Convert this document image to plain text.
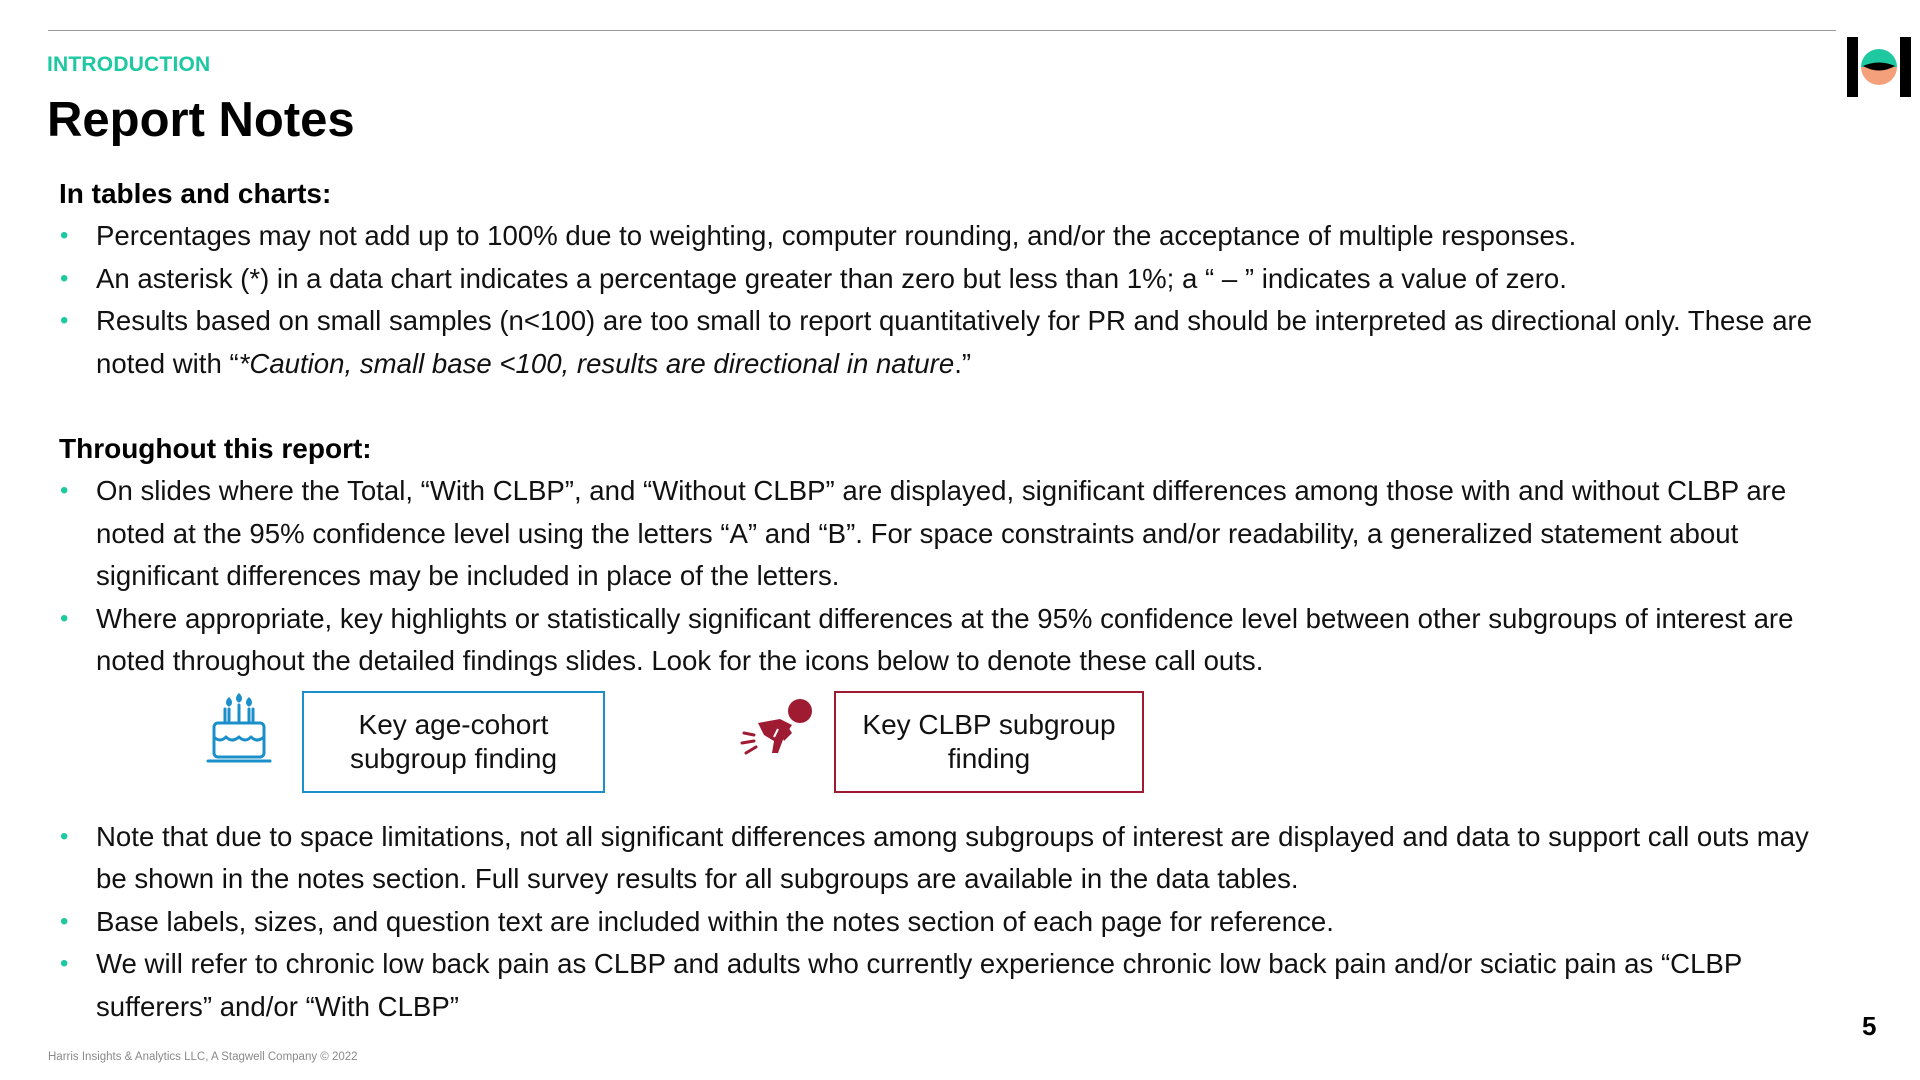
INTRODUCTION
Report Notes
In tables and charts:
• Percentages may not add up to 100% due to weighting, computer rounding, and/or the acceptance of multiple responses.
• An asterisk (*) in a data chart indicates a percentage greater than zero but less than 1%; a “ – ” indicates a value of zero.
• Results based on small samples (n<100) are too small to report quantitatively for PR and should be interpreted as directional only. These are noted with “*Caution, small base <100, results are directional in nature.”
Throughout this report:
• On slides where the Total, “With CLBP”, and “Without CLBP” are displayed, significant differences among those with and without CLBP are noted at the 95% confidence level using the letters “A” and “B”. For space constraints and/or readability, a generalized statement about significant differences may be included in place of the letters.
• Where appropriate, key highlights or statistically significant differences at the 95% confidence level between other subgroups of interest are noted throughout the detailed findings slides. Look for the icons below to denote these call outs.
Key age-cohort subgroup finding
Key CLBP subgroup finding
• Note that due to space limitations, not all significant differences among subgroups of interest are displayed and data to support call outs may be shown in the notes section. Full survey results for all subgroups are available in the data tables.
• Base labels, sizes, and question text are included within the notes section of each page for reference.
• We will refer to chronic low back pain as CLBP and adults who currently experience chronic low back pain and/or sciatic pain as “CLBP sufferers” and/or “With CLBP”
5
Harris Insights & Analytics LLC, A Stagwell Company © 2022
